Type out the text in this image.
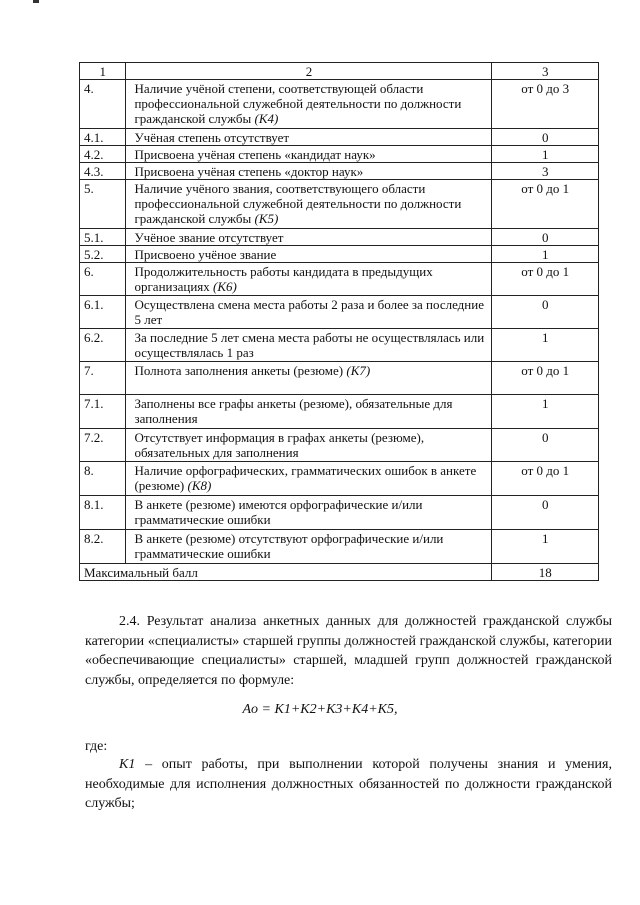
1	2	3
4.	Наличие учёной степени, соответствующей области профессиональной служебной деятельности по должности гражданской службы (K4)	от 0 до 3
4.1.	Учёная степень отсутствует	0
4.2.	Присвоена учёная степень «кандидат наук»	1
4.3.	Присвоена учёная степень «доктор наук»	3
5.	Наличие учёного звания, соответствующего области профессиональной служебной деятельности по должности гражданской службы (K5)	от 0 до 1
5.1.	Учёное звание отсутствует	0
5.2.	Присвоено учёное звание	1
6.	Продолжительность работы кандидата в предыдущих организациях (K6)	от 0 до 1
6.1.	Осуществлена смена места работы 2 раза и более за последние 5 лет	0
6.2.	За последние 5 лет смена места работы не осуществлялась или осуществлялась 1 раз	1
7.	Полнота заполнения анкеты (резюме) (K7)	от 0 до 1
7.1.	Заполнены все графы анкеты (резюме), обязательные для заполнения	1
7.2.	Отсутствует информация в графах анкеты (резюме), обязательных для заполнения	0
8.	Наличие орфографических, грамматических ошибок в анкете (резюме) (K8)	от 0 до 1
8.1.	В анкете (резюме) имеются орфографические и/или грамматические ошибки	0
8.2.	В анкете (резюме) отсутствуют орфографические и/или грамматические ошибки	1
Максимальный балл		18
2.4. Результат анализа анкетных данных для должностей гражданской службы категории «специалисты» старшей группы должностей гражданской службы, категории «обеспечивающие специалисты» старшей, младшей групп должностей гражданской службы, определяется по формуле:
Ao = K1+K2+K3+K4+K5,
где:
K1 – опыт работы, при выполнении которой получены знания и умения, необходимые для исполнения должностных обязанностей по должности гражданской службы;
